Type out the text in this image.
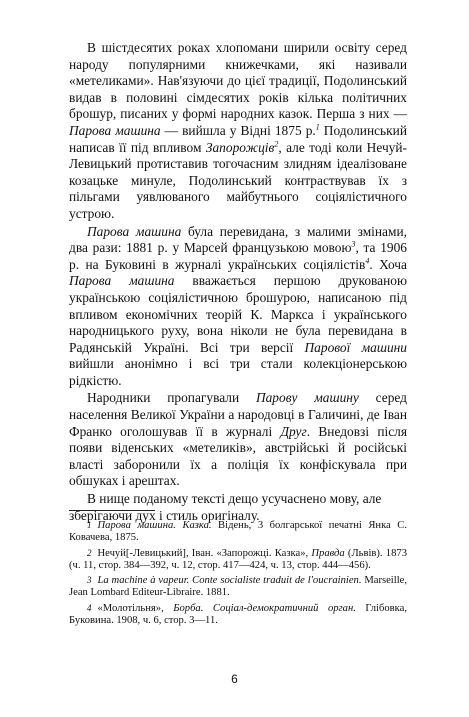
В шістдесятих роках хлопомани ширили освіту серед народу популярними книжечками, які називали «метеликами». Нав'язуючи до цієї традиції, Подолинський видав в половині сімдесятих років кілька політичних брошур, писаних у формі народних казок. Перша з них — Парова машина — вийшла у Відні 1875 р.$^1$ Подолинський написав її під впливом Запорожців$^2$, але тоді коли Нечуй-Левицький протиставив тогочасним злидням ідеалізоване козацьке минуле, Подолинський контраствував їх з пільгами уявлюваного майбутнього соціялістичного устрою.

Парова машина була перевидана, з малими змінами, два рази: 1881 р. у Марсей французькою мовою$^3$, та 1906 р. на Буковині в журналі українських соціялістів$^4$. Хоча Парова машина вважається першою друкованою українською соціялістичною брошурою, написаною під впливом економічних теорій К. Маркса і українського народницького руху, вона ніколи не була перевидана в Радянській Україні. Всі три версії Парової машини вийшли анонімно і всі три стали колекціонерською рідкістю.

Народники пропагували Парову машину серед населення Великої України а народовці в Галичині, де Іван Франко оголошував її в журналі Друг. Внедовзі після появи віденських «метеликів», австрійські й російські власті заборонили їх а поліція їх конфіскувала при обшуках і арештах.

В нище поданому тексті дещо усучаснено мову, але зберігаючи дух і стиль оригіналу.

1 Парова машина. Казка. Відень, 3 болгарської печатні Янка С. Ковачева, 1875.

2 Нечуй[-Левицький], Іван. «Запорожці. Казка», Правда (Львів). 1873 (ч. 11, стор. 384—392, ч. 12, стор. 417—424, ч. 13, стор. 444—456).

3 La machine à vapeur. Conte socialiste traduit de l'oucrainien. Marseille, Jean Lombard Editeur-Libraire. 1881.

4 «Молотільня», Борба. Соціал-демократичний орган. Глібовка, Буковина. 1908, ч. 6, стор. 3—11.

6
